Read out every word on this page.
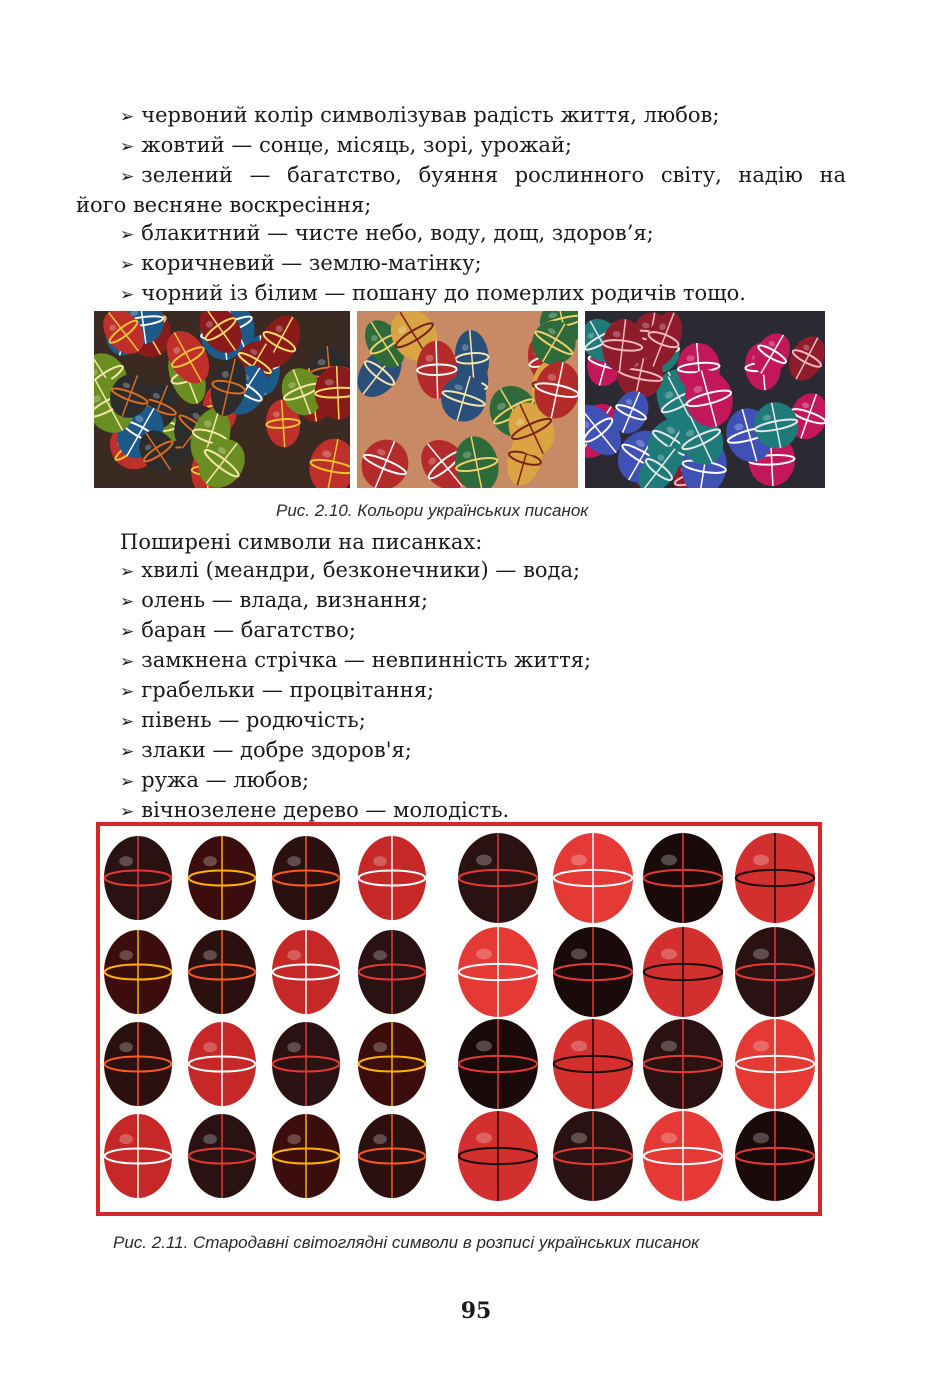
➢ червоний колір символізував радість життя, любов;
➢ жовтий — сонце, місяць, зорі, урожай;
➢ зелений — багатство, буяння рослинного світу, надію на
його весняне воскресіння;
➢ блакитний — чисте небо, воду, дощ, здоров’я;
➢ коричневий — землю-матінку;
➢ чорний із білим — пошану до померлих родичів тощо.
Рис. 2.10. Кольори українських писанок
Поширені символи на писанках:
➢ хвилі (меандри, безконечники) — вода;
➢ олень — влада, визнання;
➢ баран — багатство;
➢ замкнена стрічка — невпинність життя;
➢ грабельки — процвітання;
➢ півень — родючість;
➢ злаки — добре здоров'я;
➢ ружа — любов;
➢ вічнозелене дерево — молодість.
Рис. 2.11. Стародавні світоглядні символи в розписі українських писанок
95
